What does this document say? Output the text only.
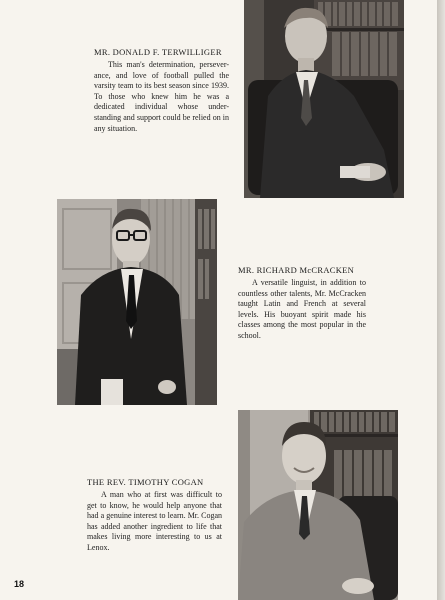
MR. DONALD F. TERWILLIGER
This man's determination, persever- ance, and love of football pulled the varsity team to its best season since 1939. To those who knew him he was a dedicated individual whose under- standing and support could be relied on in any situation.
MR. RICHARD McCRACKEN
A versatile linguist, in addition to countless other talents, Mr. McCracken taught Latin and French at several levels. His buoyant spirit made his classes among the most popular in the school.
THE REV. TIMOTHY COGAN
A man who at first was difficult to get to know, he would help anyone that had a genuine interest to learn. Mr. Cogan has added another ingredient to life that makes living more interesting to us at Lenox.
18
